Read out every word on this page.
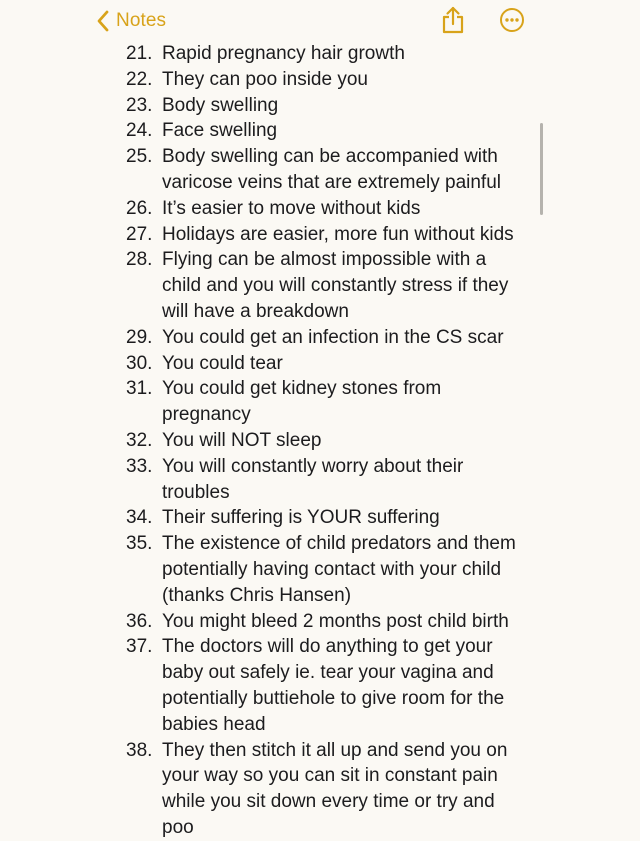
Notes
21. Rapid pregnancy hair growth
22. They can poo inside you
23. Body swelling
24. Face swelling
25. Body swelling can be accompanied with
varicose veins that are extremely painful
26. It’s easier to move without kids
27. Holidays are easier, more fun without kids
28. Flying can be almost impossible with a
child and you will constantly stress if they
will have a breakdown
29. You could get an infection in the CS scar
30. You could tear
31. You could get kidney stones from
pregnancy
32. You will NOT sleep
33. You will constantly worry about their
troubles
34. Their suffering is YOUR suffering
35. The existence of child predators and them
potentially having contact with your child
(thanks Chris Hansen)
36. You might bleed 2 months post child birth
37. The doctors will do anything to get your
baby out safely ie. tear your vagina and
potentially buttiehole to give room for the
babies head
38. They then stitch it all up and send you on
your way so you can sit in constant pain
while you sit down every time or try and
poo
